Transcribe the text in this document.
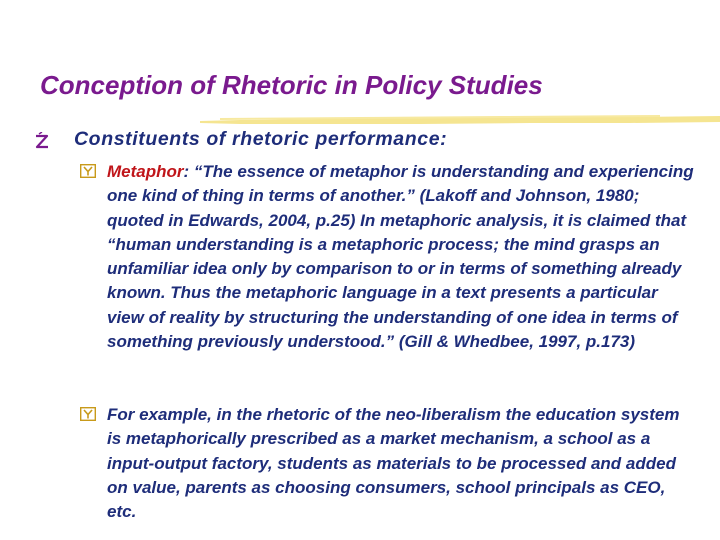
Conception of Rhetoric in Policy Studies
Constituents of rhetoric performance:
Metaphor: “The essence of metaphor is understanding and experiencing one kind of thing in terms of another.” (Lakoff and Johnson, 1980; quoted in Edwards, 2004, p.25) In metaphoric analysis, it is claimed that “human understanding is a metaphoric process; the mind grasps an unfamiliar idea only by comparison to or in terms of something already known. Thus the metaphoric language in a text presents a particular view of reality by structuring the understanding of one idea in terms of something previously understood.” (Gill & Whedbee, 1997, p.173)
For example, in the rhetoric of the neo-liberalism the education system is metaphorically prescribed as a market mechanism, a school as a input-output factory, students as materials to be processed and added on value, parents as choosing consumers, school principals as CEO, etc.
